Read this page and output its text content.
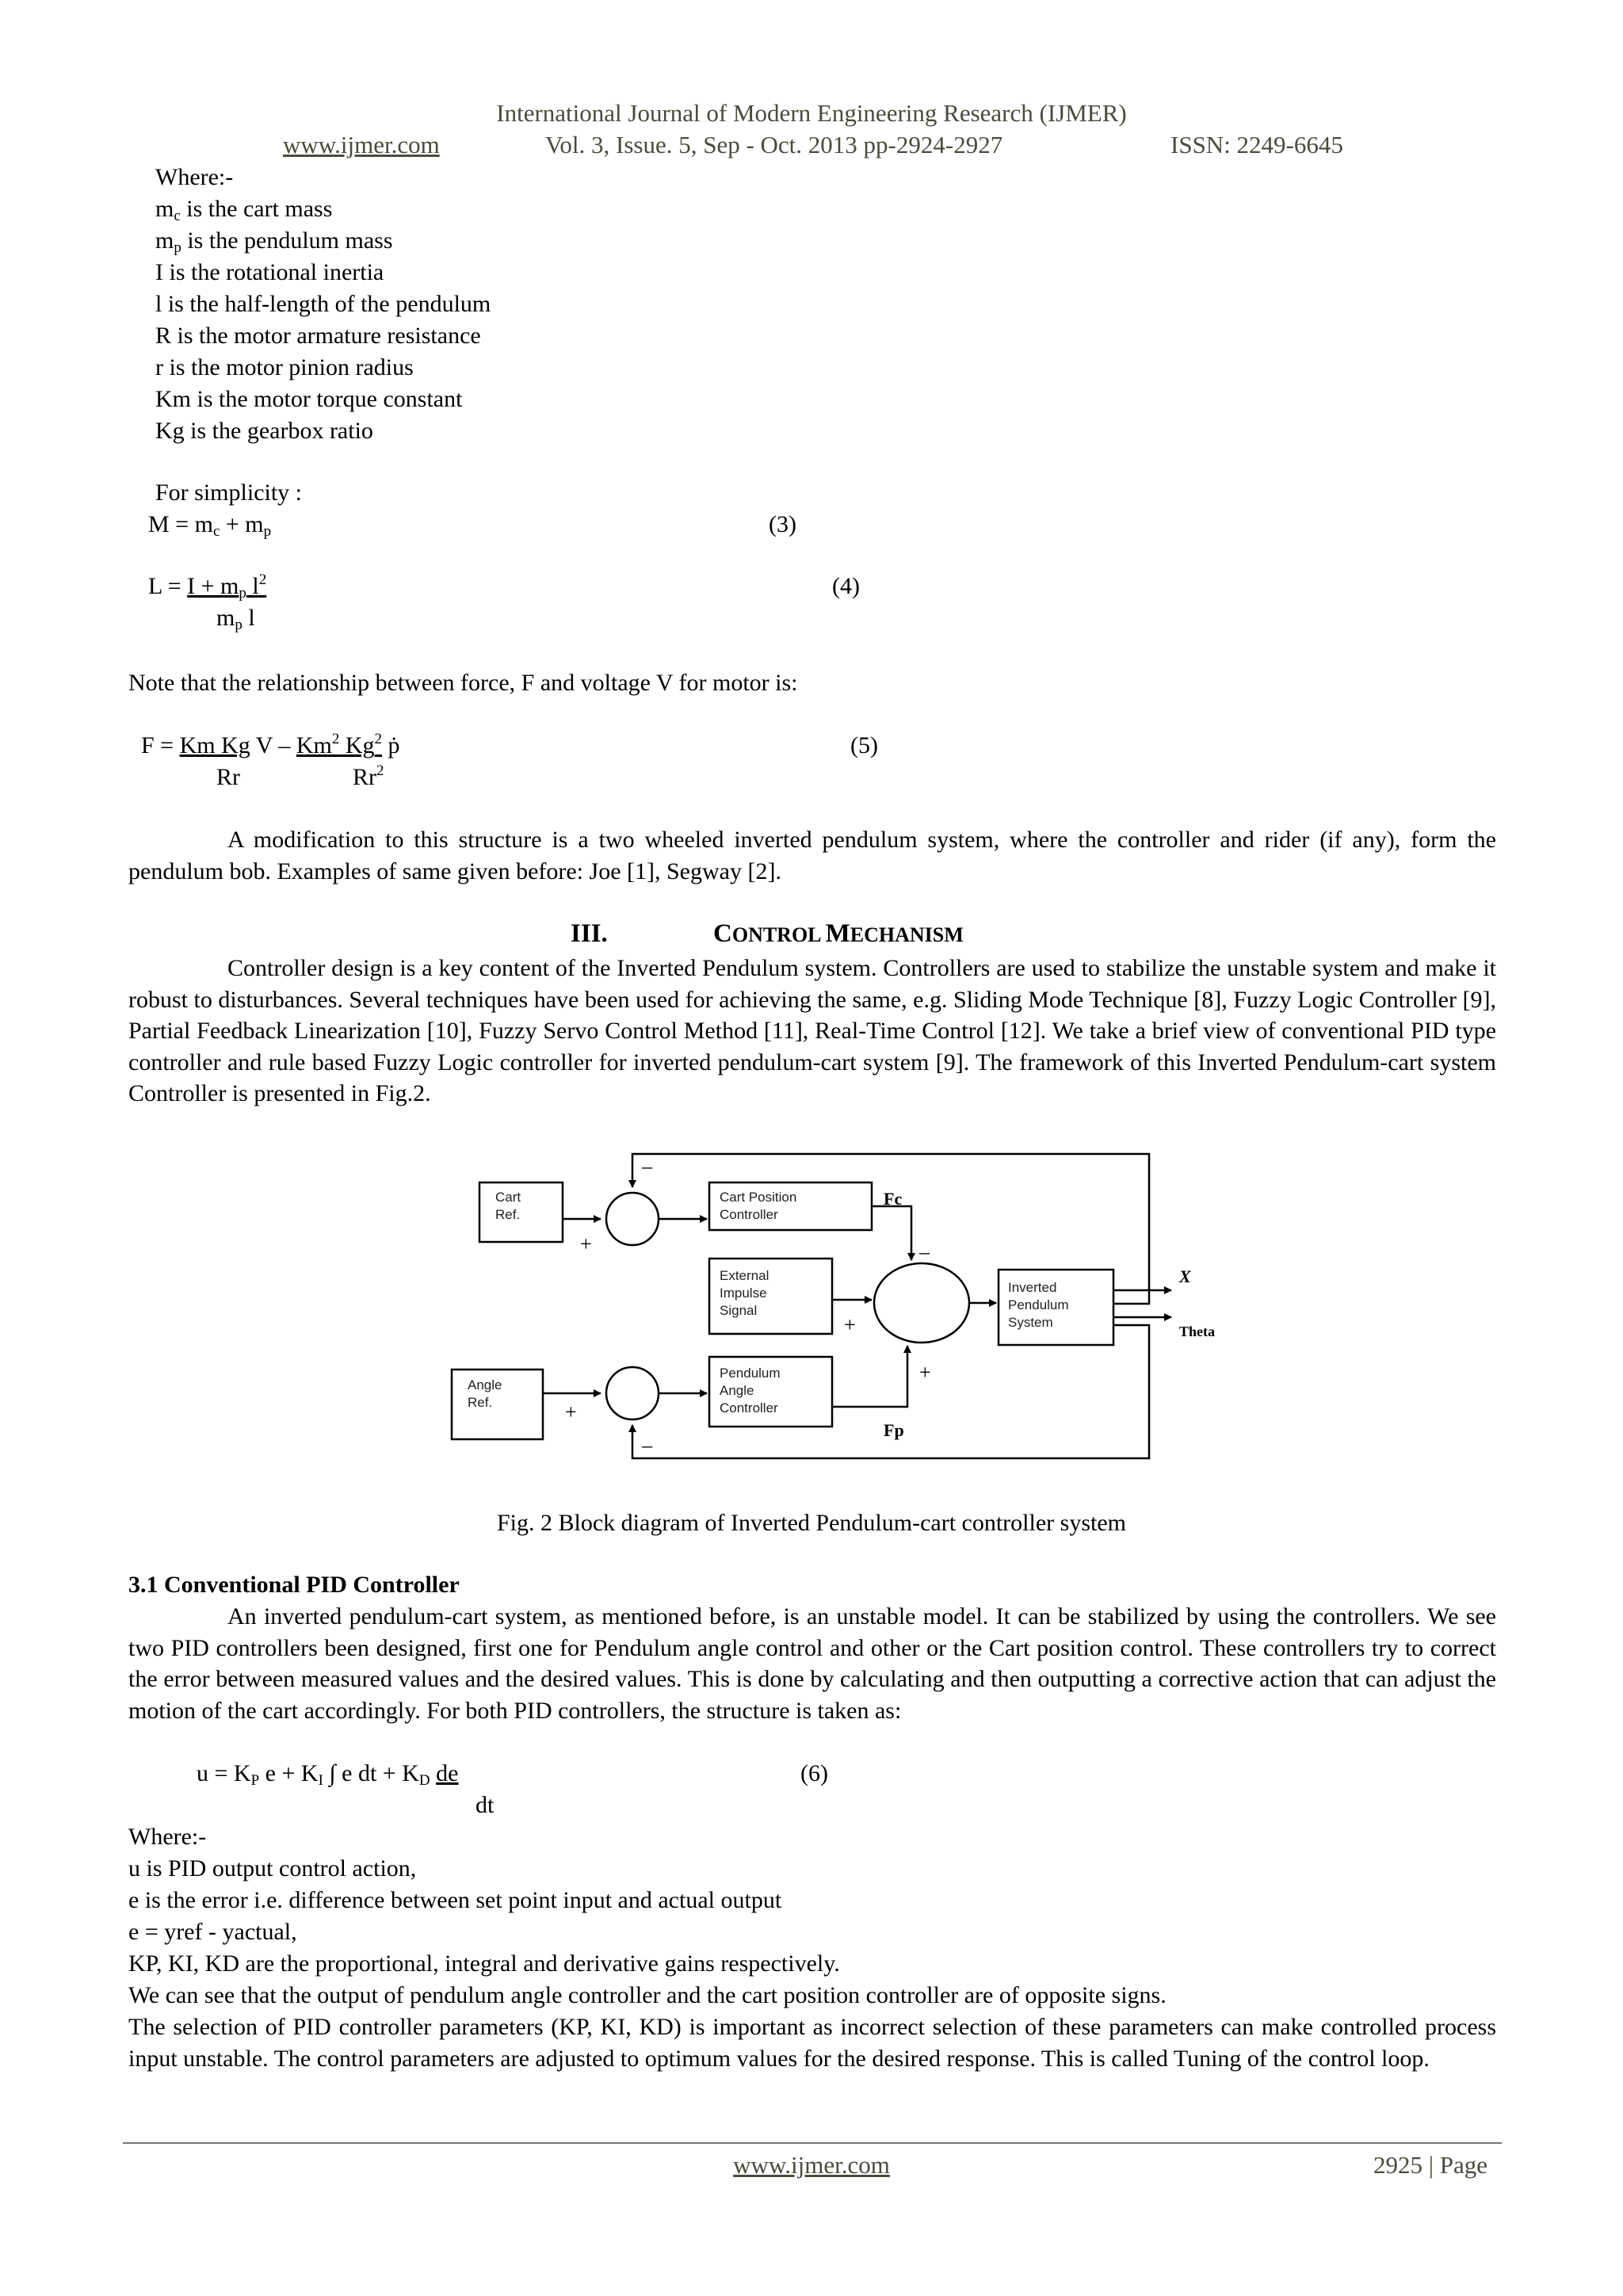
International Journal of Modern Engineering Research (IJMER)
www.ijmer.com	Vol. 3, Issue. 5, Sep - Oct. 2013 pp-2924-2927	ISSN: 2249-6645
Where:-
$m_c$ is the cart mass
$m_p$ is the pendulum mass
I is the rotational inertia
l is the half-length of the pendulum
R is the motor armature resistance
r is the motor pinion radius
Km is the motor torque constant
Kg is the gearbox ratio
For simplicity :
$M = m_c + m_p$	(3)
$L = I + m_p$ $l^2$
$m_p$ l
(4)
Note that the relationship between force, F and voltage V for motor is:
F = Km Kg V – Km$^2$ Kg$^2$ ṗ
Rr	Rr$^2$
(5)
A modification to this structure is a two wheeled inverted pendulum system, where the controller and rider (if any), form the pendulum bob. Examples of same given before: Joe [1], Segway [2].
III.	CONTROL MECHANISM
Controller design is a key content of the Inverted Pendulum system. Controllers are used to stabilize the unstable system and make it robust to disturbances. Several techniques have been used for achieving the same, e.g. Sliding Mode Technique [8], Fuzzy Logic Controller [9], Partial Feedback Linearization [10], Fuzzy Servo Control Method [11], Real-Time Control [12]. We take a brief view of conventional PID type controller and rule based Fuzzy Logic controller for inverted pendulum-cart system [9]. The framework of this Inverted Pendulum-cart system Controller is presented in Fig.2.
Cart
Ref.
Cart Position
Controller
External
Impulse
Signal
Pendulum
Angle
Controller
Inverted
Pendulum
System
Angle
Ref.
Fc
Fp
X
Theta
–
+	–
+
+
+
–
Fig. 2 Block diagram of Inverted Pendulum-cart controller system
3.1 Conventional PID Controller
An inverted pendulum-cart system, as mentioned before, is an unstable model. It can be stabilized by using the controllers. We see two PID controllers been designed, first one for Pendulum angle control and other or the Cart position control. These controllers try to correct the error between measured values and the desired values. This is done by calculating and then outputting a corrective action that can adjust the motion of the cart accordingly. For both PID controllers, the structure is taken as:
$u = K_P$ $e + K_I$ ∫ e dt + $K_D$ de
dt
(6)
Where:-
u is PID output control action,
e is the error i.e. difference between set point input and actual output
e = yref - yactual,
KP, KI, KD are the proportional, integral and derivative gains respectively.
We can see that the output of pendulum angle controller and the cart position controller are of opposite signs.
The selection of PID controller parameters (KP, KI, KD) is important as incorrect selection of these parameters can make controlled process input unstable. The control parameters are adjusted to optimum values for the desired response. This is called Tuning of the control loop.
www.ijmer.com	2925 | Page
